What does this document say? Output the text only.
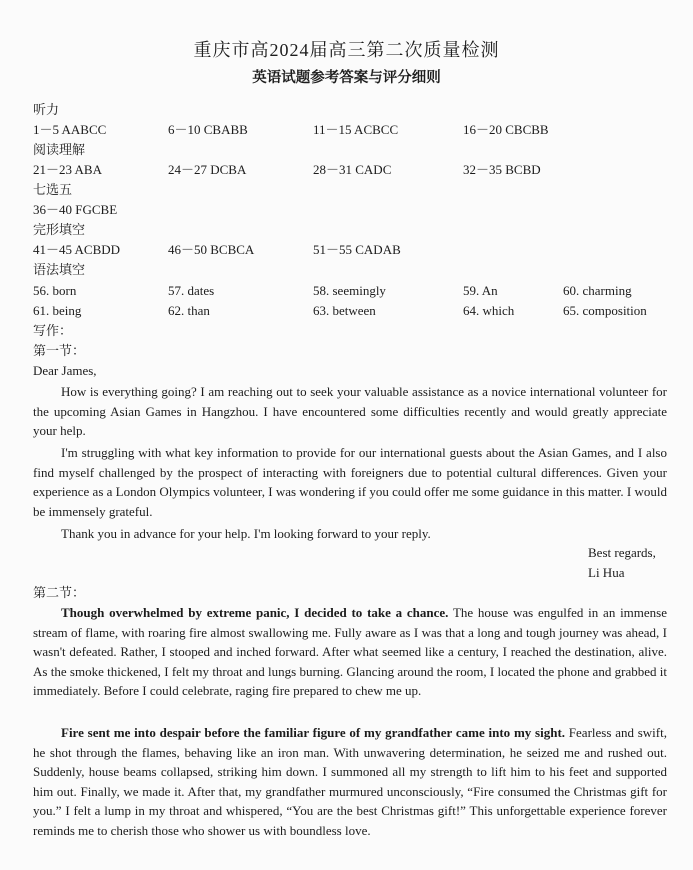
重庆市高2024届高三第二次质量检测
英语试题参考答案与评分细则
听力
1－5 AABCC	6－10 CBABB	11－15 ACBCC	16－20 CBCBB
阅读理解
21－23 ABA	24－27 DCBA	28－31 CADC	32－35 BCBD
七选五
36－40 FGCBE
完形填空
41－45 ACBDD	46－50 BCBCA	51－55 CADAB
语法填空
56. born	57. dates	58. seemingly	59. An	60. charming
61. being	62. than	63. between	64. which	65. composition
写作：
第一节：
Dear James,

How is everything going? I am reaching out to seek your valuable assistance as a novice international volunteer for the upcoming Asian Games in Hangzhou. I have encountered some difficulties recently and would greatly appreciate your help.

I'm struggling with what key information to provide for our international guests about the Asian Games, and I also find myself challenged by the prospect of interacting with foreigners due to potential cultural differences. Given your experience as a London Olympics volunteer, I was wondering if you could offer me some guidance in this matter. I would be immensely grateful.

Thank you in advance for your help. I'm looking forward to your reply.

Best regards,
Li Hua
第二节：

Though overwhelmed by extreme panic, I decided to take a chance. The house was engulfed in an immense stream of flame, with roaring fire almost swallowing me. Fully aware as I was that a long and tough journey was ahead, I wasn't defeated. Rather, I stooped and inched forward. After what seemed like a century, I reached the destination, alive. As the smoke thickened, I felt my throat and lungs burning. Glancing around the room, I located the phone and grabbed it immediately. Before I could celebrate, raging fire prepared to chew me up.

Fire sent me into despair before the familiar figure of my grandfather came into my sight. Fearless and swift, he shot through the flames, behaving like an iron man. With unwavering determination, he seized me and rushed out. Suddenly, house beams collapsed, striking him down. I summoned all my strength to lift him to his feet and supported him out. Finally, we made it. After that, my grandfather murmured unconsciously, “Fire consumed the Christmas gift for you.” I felt a lump in my throat and whispered, “You are the best Christmas gift!” This unforgettable experience forever reminds me to cherish those who shower us with boundless love.
